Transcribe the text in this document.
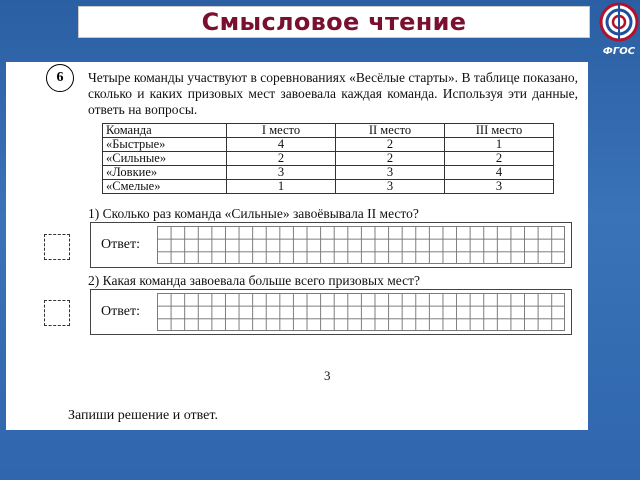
Смысловое чтение
ФГОС
6	Четыре команды участвуют в соревнованиях «Весёлые старты». В таблице показано, сколько и каких призовых мест завоевала каждая команда. Используя эти данные, ответь на вопросы.
Команда	I место	II место	III место
«Быстрые»	4	2	1
«Сильные»	2	2	2
«Ловкие»	3	3	4
«Смелые»	1	3	3
1) Сколько раз команда «Сильные» завоёвывала II место?
Ответ:
2) Какая команда завоевала больше всего призовых мест?
Ответ:
3
Запиши решение и ответ.
